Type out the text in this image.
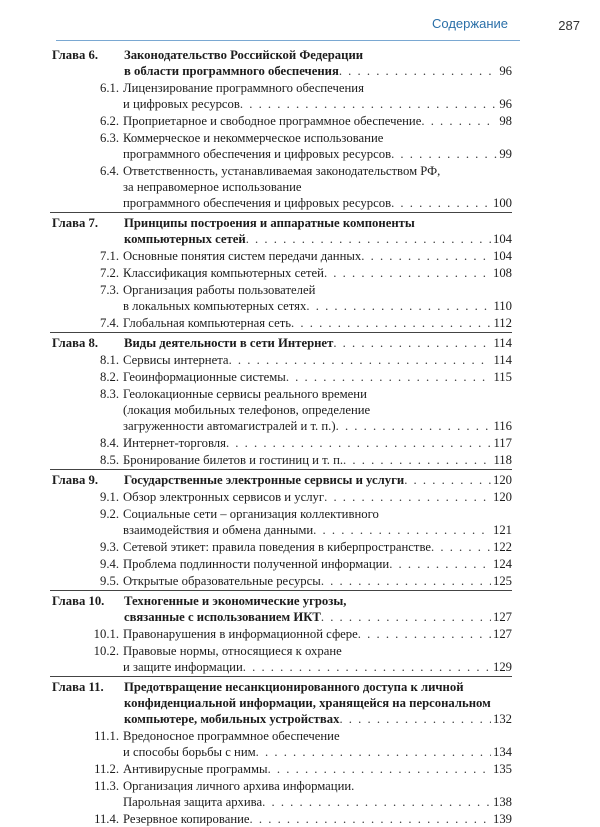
Содержание	287
Глава 6.	Законодательство Российской Федерации
в области программного обеспечения . . .	96
6.1. Лицензирование программного обеспечения
и цифровых ресурсов . . .	96
6.2. Проприетарное и свободное программное обеспечение . . .	98
6.3. Коммерческое и некоммерческое использование
программного обеспечения и цифровых ресурсов . . .	99
6.4. Ответственность, устанавливаемая законодательством РФ,
за неправомерное использование
программного обеспечения и цифровых ресурсов . . .	100
Глава 7.	Принципы построения и аппаратные компоненты
компьютерных сетей . . .	104
7.1. Основные понятия систем передачи данных . . .	104
7.2. Классификация компьютерных сетей . . .	108
7.3. Организация работы пользователей
в локальных компьютерных сетях . . .	110
7.4. Глобальная компьютерная сеть . . .	112
Глава 8.	Виды деятельности в сети Интернет . . .	114
8.1. Сервисы интернета . . .	114
8.2. Геоинформационные системы . . .	115
8.3. Геолокационные сервисы реального времени
(локация мобильных телефонов, определение
загруженности автомагистралей и т. п.) . . .	116
8.4. Интернет-торговля . . .	117
8.5. Бронирование билетов и гостиниц и т. п. . . .	118
Глава 9.	Государственные электронные сервисы и услуги . . .	120
9.1. Обзор электронных сервисов и услуг . . .	120
9.2. Социальные сети – организация коллективного
взаимодействия и обмена данными . . .	121
9.3. Сетевой этикет: правила поведения в киберпространстве . . .	122
9.4. Проблема подлинности полученной информации . . .	124
9.5. Открытые образовательные ресурсы . . .	125
Глава 10.	Техногенные и экономические угрозы,
связанные с использованием ИКТ . . .	127
10.1. Правонарушения в информационной сфере . . .	127
10.2. Правовые нормы, относящиеся к охране
и защите информации . . .	129
Глава 11.	Предотвращение несанкционированного доступа к личной
конфиденциальной информации, хранящейся на персональном
компьютере, мобильных устройствах . . .	132
11.1. Вредоносное программное обеспечение
и способы борьбы с ним . . .	134
11.2. Антивирусные программы . . .	135
11.3. Организация личного архива информации.
Парольная защита архива . . .	138
11.4. Резервное копирование . . .	139
